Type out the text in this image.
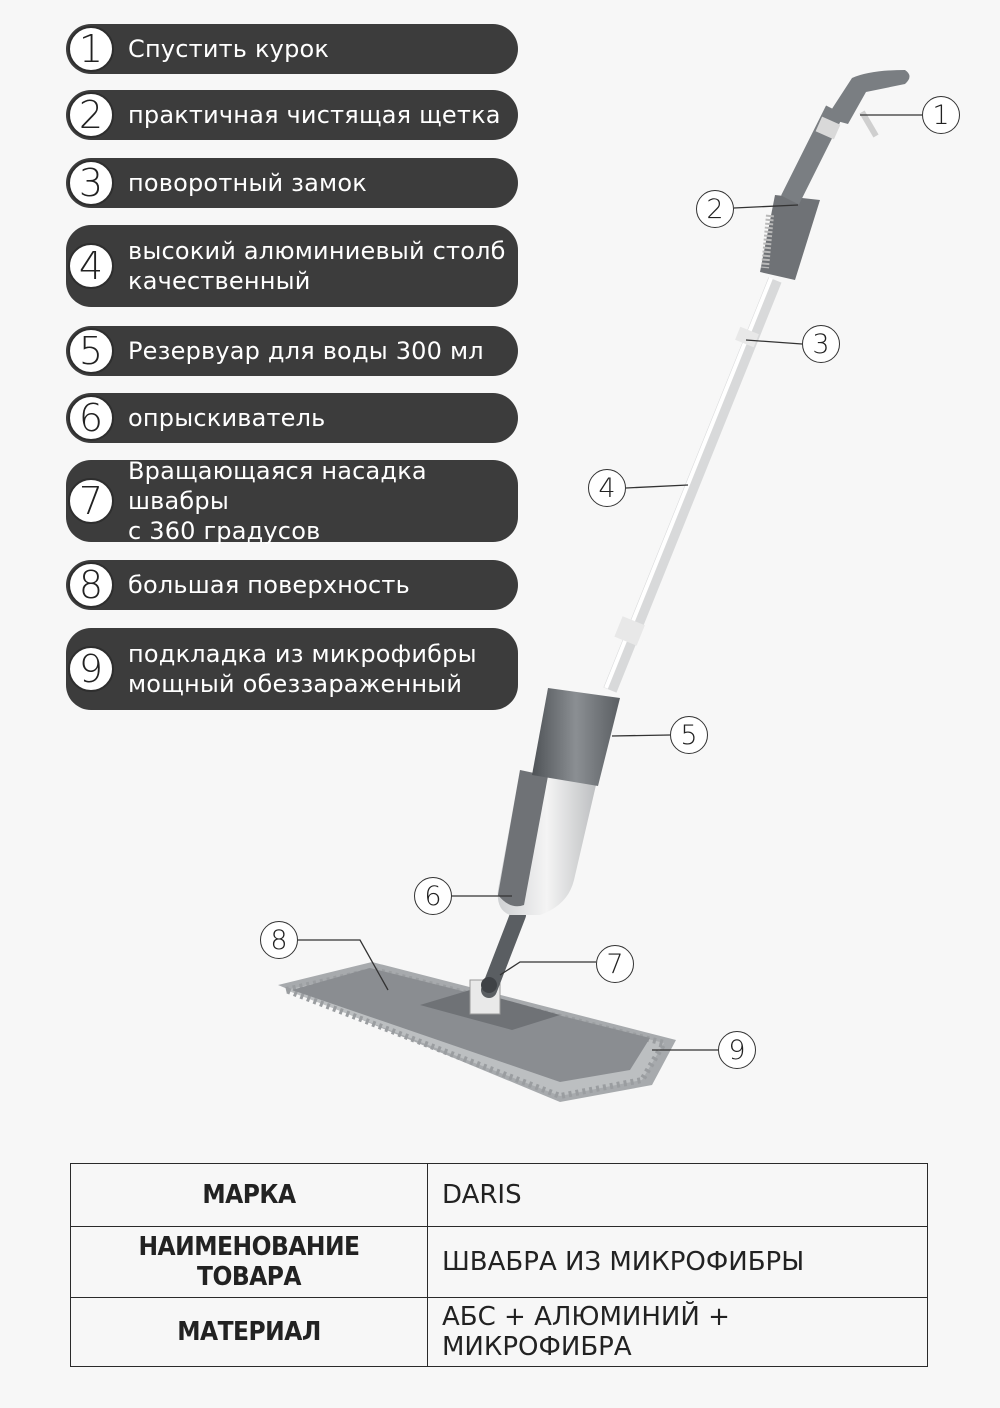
1	Спустить курок
2	практичная чистящая щетка
3	поворотный замок
4	высокий алюминиевый столб
качественный
5	Резервуар для воды 300 мл
6	опрыскиватель
7
Вращающаяся насадка швабры
с 360 градусов
8	большая поверхность
9	подкладка из микрофибры
мощный обеззараженный
1
2
3
4
5
6
7
8
9
МАРКА	DARIS
НАИМЕНОВАНИЕ ТОВАРА	ШВАБРА ИЗ МИКРОФИБРЫ
МАТЕРИАЛ	АБС + АЛЮМИНИЙ + МИКРОФИБРА
